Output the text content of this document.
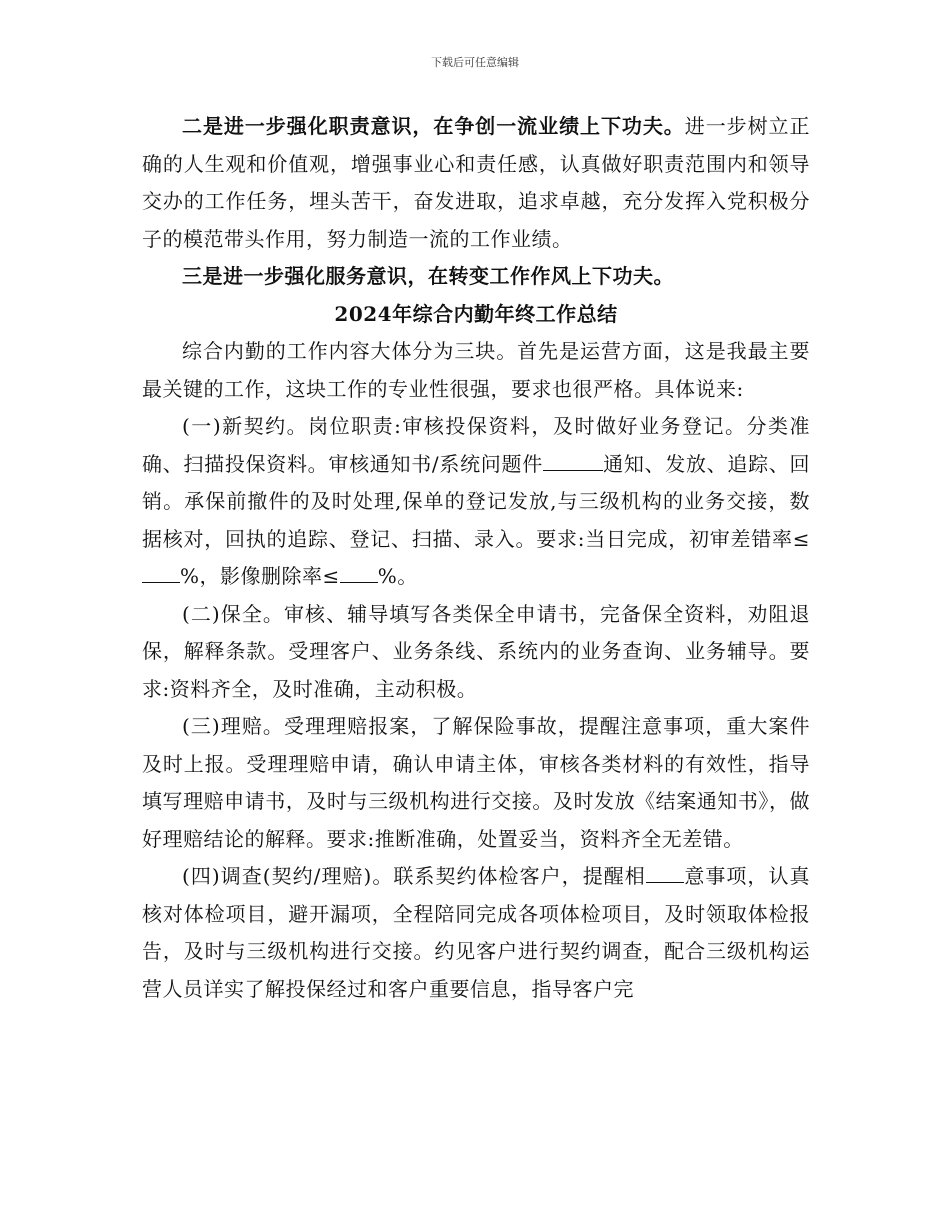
下载后可任意编辑

二是进一步强化职责意识，在争创一流业绩上下功夫。进一步树立正确的人生观和价值观，增强事业心和责任感，认真做好职责范围内和领导交办的工作任务，埋头苦干，奋发进取，追求卓越，充分发挥入党积极分子的模范带头作用，努力制造一流的工作业绩。

三是进一步强化服务意识，在转变工作作风上下功夫。

2024年综合内勤年终工作总结

综合内勤的工作内容大体分为三块。首先是运营方面，这是我最主要最关键的工作，这块工作的专业性很强，要求也很严格。具体说来:

(一)新契约。岗位职责:审核投保资料，及时做好业务登记。分类准确、扫描投保资料。审核通知书/系统问题件	通知、发放、追踪、回销。承保前撤件的及时处理,保单的登记发放,与三级机构的业务交接，数据核对，回执的追踪、登记、扫描、录入。要求:当日完成，初审差错率≤%，影像删除率≤ %。

(二)保全。审核、辅导填写各类保全申请书，完备保全资料，劝阻退保，解释条款。受理客户、业务条线、系统内的业务查询、业务辅导。要求:资料齐全，及时准确，主动积极。

(三)理赔。受理理赔报案，了解保险事故，提醒注意事项，重大案件及时上报。受理理赔申请，确认申请主体，审核各类材料的有效性，指导填写理赔申请书，及时与三级机构进行交接。及时发放《结案通知书》，做好理赔结论的解释。要求:推断准确，处置妥当，资料齐全无差错。

(四)调查(契约/理赔)。联系契约体检客户，提醒相 意事项，认真核对体检项目，避开漏项，全程陪同完成各项体检项目，及时领取体检报告，及时与三级机构进行交接。约见客户进行契约调查，配合三级机构运营人员详实了解投保经过和客户重要信息，指导客户完
